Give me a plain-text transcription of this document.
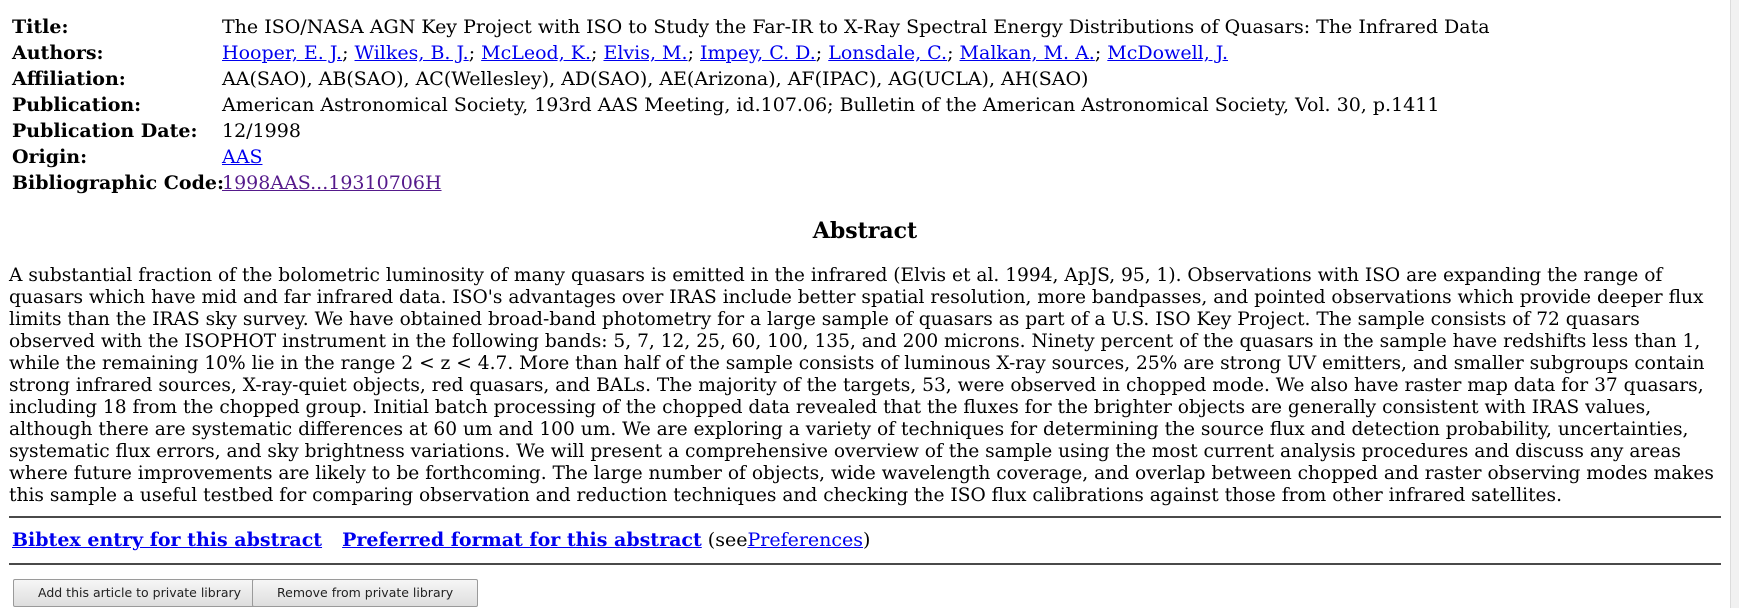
Title:	The ISO/NASA AGN Key Project with ISO to Study the Far-IR to X-Ray Spectral Energy Distributions of Quasars: The Infrared Data
Authors:	Hooper, E. J.; Wilkes, B. J.; McLeod, K.; Elvis, M.; Impey, C. D.; Lonsdale, C.; Malkan, M. A.; McDowell, J.
Affiliation:	AA(SAO), AB(SAO), AC(Wellesley), AD(SAO), AE(Arizona), AF(IPAC), AG(UCLA), AH(SAO)
Publication:	American Astronomical Society, 193rd AAS Meeting, id.107.06; Bulletin of the American Astronomical Society, Vol. 30, p.1411
Publication Date:	12/1998
Origin:	AAS
Bibliographic Code:
1998AAS...19310706H
Abstract
A substantial fraction of the bolometric luminosity of many quasars is emitted in the infrared (Elvis et al. 1994, ApJS, 95, 1). Observations with ISO are expanding the range of quasars which have mid and far infrared data. ISO's advantages over IRAS include better spatial resolution, more bandpasses, and pointed observations which provide deeper flux limits than the IRAS sky survey. We have obtained broad-band photometry for a large sample of quasars as part of a U.S. ISO Key Project. The sample consists of 72 quasars observed with the ISOPHOT instrument in the following bands: 5, 7, 12, 25, 60, 100, 135, and 200 microns. Ninety percent of the quasars in the sample have redshifts less than 1, while the remaining 10% lie in the range 2 < z < 4.7. More than half of the sample consists of luminous X-ray sources, 25% are strong UV emitters, and smaller subgroups contain strong infrared sources, X-ray-quiet objects, red quasars, and BALs. The majority of the targets, 53, were observed in chopped mode. We also have raster map data for 37 quasars, including 18 from the chopped group. Initial batch processing of the chopped data revealed that the fluxes for the brighter objects are generally consistent with IRAS values, although there are systematic differences at 60 um and 100 um. We are exploring a variety of techniques for determining the source flux and detection probability, uncertainties, systematic flux errors, and sky brightness variations. We will present a comprehensive overview of the sample using the most current analysis procedures and discuss any areas where future improvements are likely to be forthcoming. The large number of objects, wide wavelength coverage, and overlap between chopped and raster observing modes makes this sample a useful testbed for comparing observation and reduction techniques and checking the ISO flux calibrations against those from other infrared satellites.
Bibtex entry for this abstract Preferred format for this abstract (seePreferences)
Add this article to private library	Remove from private library
